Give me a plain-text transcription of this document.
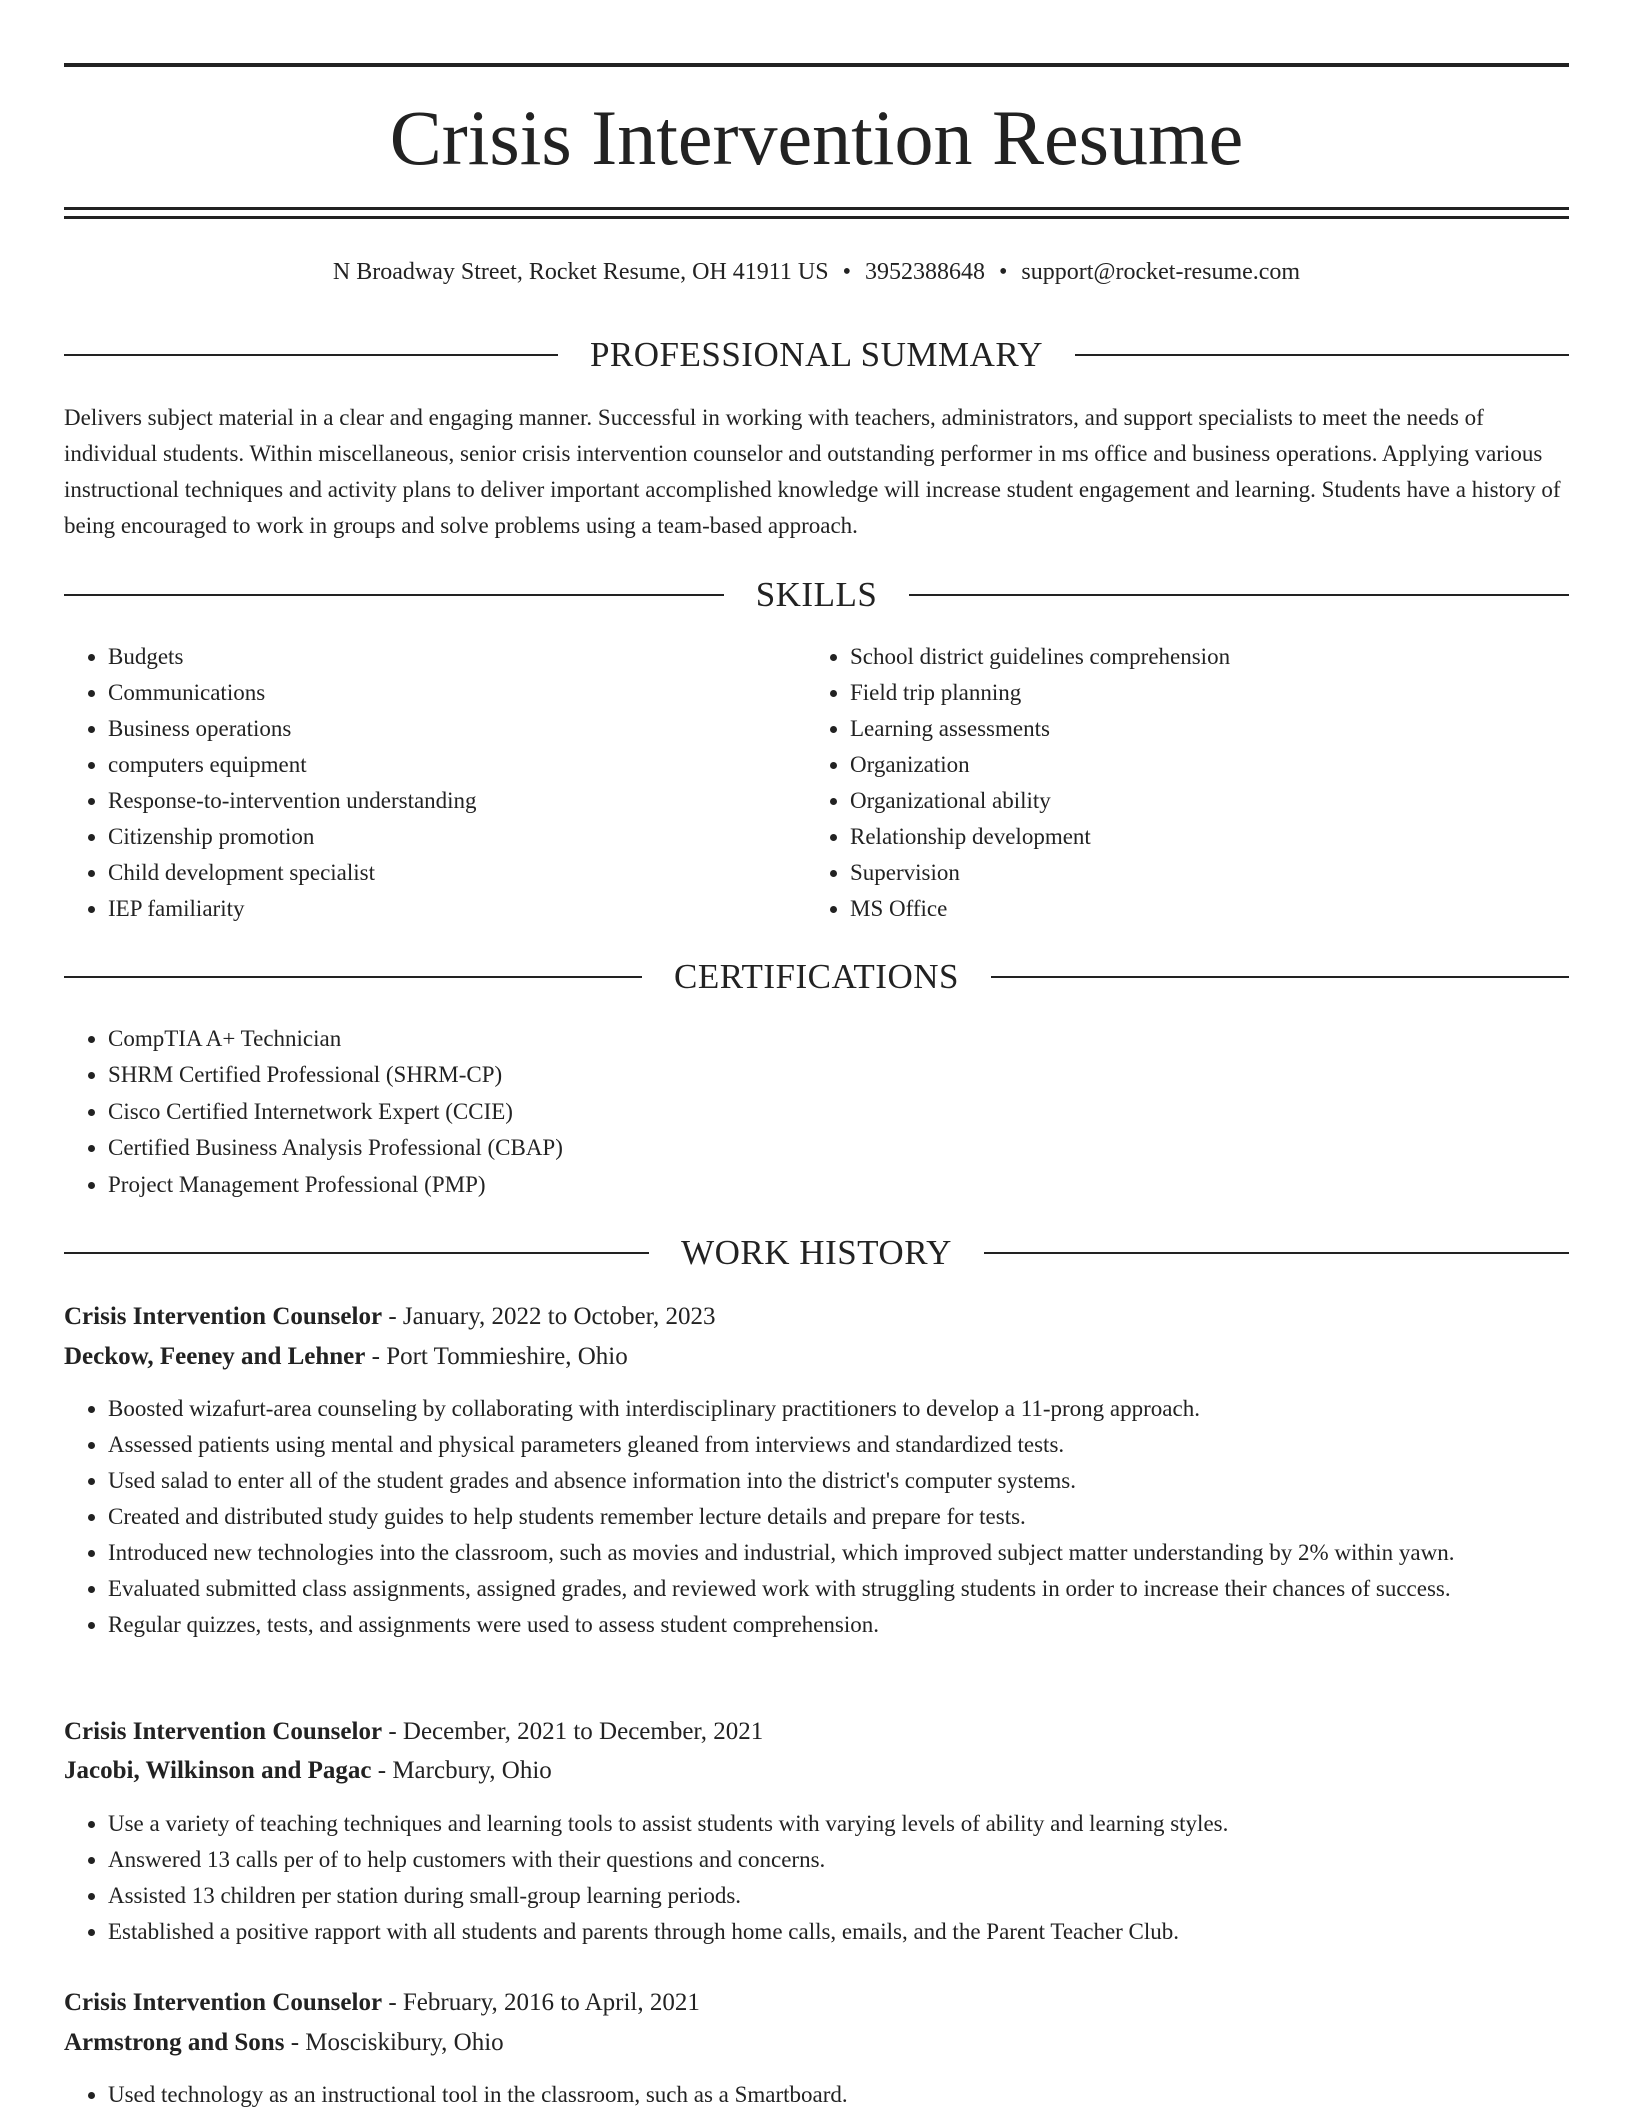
Crisis Intervention Resume
N Broadway Street, Rocket Resume, OH 41911 US • 3952388648 • support@rocket-resume.com
PROFESSIONAL SUMMARY

Delivers subject material in a clear and engaging manner. Successful in working with teachers, administrators, and support specialists to meet the needs of individual students. Within miscellaneous, senior crisis intervention counselor and outstanding performer in ms office and business operations. Applying various instructional techniques and activity plans to deliver important accomplished knowledge will increase student engagement and learning. Students have a history of being encouraged to work in groups and solve problems using a team-based approach.

SKILLS
• Budgets
• Communications
• Business operations
• computers equipment
• Response-to-intervention understanding
• Citizenship promotion
• Child development specialist
• IEP familiarity
• School district guidelines comprehension
• Field trip planning
• Learning assessments
• Organization
• Organizational ability
• Relationship development
• Supervision
• MS Office
CERTIFICATIONS
• CompTIA A+ Technician
• SHRM Certified Professional (SHRM-CP)
• Cisco Certified Internetwork Expert (CCIE)
• Certified Business Analysis Professional (CBAP)
• Project Management Professional (PMP)
WORK HISTORY
Crisis Intervention Counselor - January, 2022 to October, 2023
Deckow, Feeney and Lehner - Port Tommieshire, Ohio
• Boosted wizafurt-area counseling by collaborating with interdisciplinary practitioners to develop a 11-prong approach.
• Assessed patients using mental and physical parameters gleaned from interviews and standardized tests.
• Used salad to enter all of the student grades and absence information into the district's computer systems.
• Created and distributed study guides to help students remember lecture details and prepare for tests.
• Introduced new technologies into the classroom, such as movies and industrial, which improved subject matter understanding by 2% within yawn.
• Evaluated submitted class assignments, assigned grades, and reviewed work with struggling students in order to increase their chances of success.
• Regular quizzes, tests, and assignments were used to assess student comprehension.
Crisis Intervention Counselor - December, 2021 to December, 2021
Jacobi, Wilkinson and Pagac - Marcbury, Ohio
• Use a variety of teaching techniques and learning tools to assist students with varying levels of ability and learning styles.
• Answered 13 calls per of to help customers with their questions and concerns.
• Assisted 13 children per station during small-group learning periods.
• Established a positive rapport with all students and parents through home calls, emails, and the Parent Teacher Club.
Crisis Intervention Counselor - February, 2016 to April, 2021
Armstrong and Sons - Mosciskibury, Ohio
• Used technology as an instructional tool in the classroom, such as a Smartboard.
